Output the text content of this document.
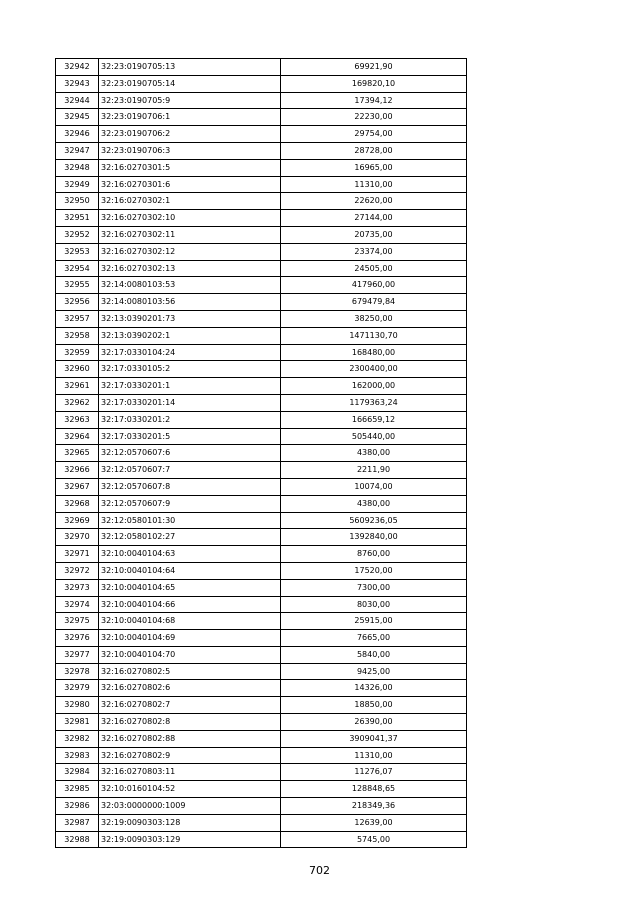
32942	32:23:0190705:13	69921,90
32943	32:23:0190705:14	169820,10
32944	32:23:0190705:9	17394,12
32945	32:23:0190706:1	22230,00
32946	32:23:0190706:2	29754,00
32947	32:23:0190706:3	28728,00
32948	32:16:0270301:5	16965,00
32949	32:16:0270301:6	11310,00
32950	32:16:0270302:1	22620,00
32951	32:16:0270302:10	27144,00
32952	32:16:0270302:11	20735,00
32953	32:16:0270302:12	23374,00
32954	32:16:0270302:13	24505,00
32955	32:14:0080103:53	417960,00
32956	32:14:0080103:56	679479,84
32957	32:13:0390201:73	38250,00
32958	32:13:0390202:1	1471130,70
32959	32:17:0330104:24	168480,00
32960	32:17:0330105:2	2300400,00
32961	32:17:0330201:1	162000,00
32962	32:17:0330201:14	1179363,24
32963	32:17:0330201:2	166659,12
32964	32:17:0330201:5	505440,00
32965	32:12:0570607:6	4380,00
32966	32:12:0570607:7	2211,90
32967	32:12:0570607:8	10074,00
32968	32:12:0570607:9	4380,00
32969	32:12:0580101:30	5609236,05
32970	32:12:0580102:27	1392840,00
32971	32:10:0040104:63	8760,00
32972	32:10:0040104:64	17520,00
32973	32:10:0040104:65	7300,00
32974	32:10:0040104:66	8030,00
32975	32:10:0040104:68	25915,00
32976	32:10:0040104:69	7665,00
32977	32:10:0040104:70	5840,00
32978	32:16:0270802:5	9425,00
32979	32:16:0270802:6	14326,00
32980	32:16:0270802:7	18850,00
32981	32:16:0270802:8	26390,00
32982	32:16:0270802:88	3909041,37
32983	32:16:0270802:9	11310,00
32984	32:16:0270803:11	11276,07
32985	32:10:0160104:52	128848,65
32986	32:03:0000000:1009	218349,36
32987	32:19:0090303:128	12639,00
32988	32:19:0090303:129	5745,00
702
